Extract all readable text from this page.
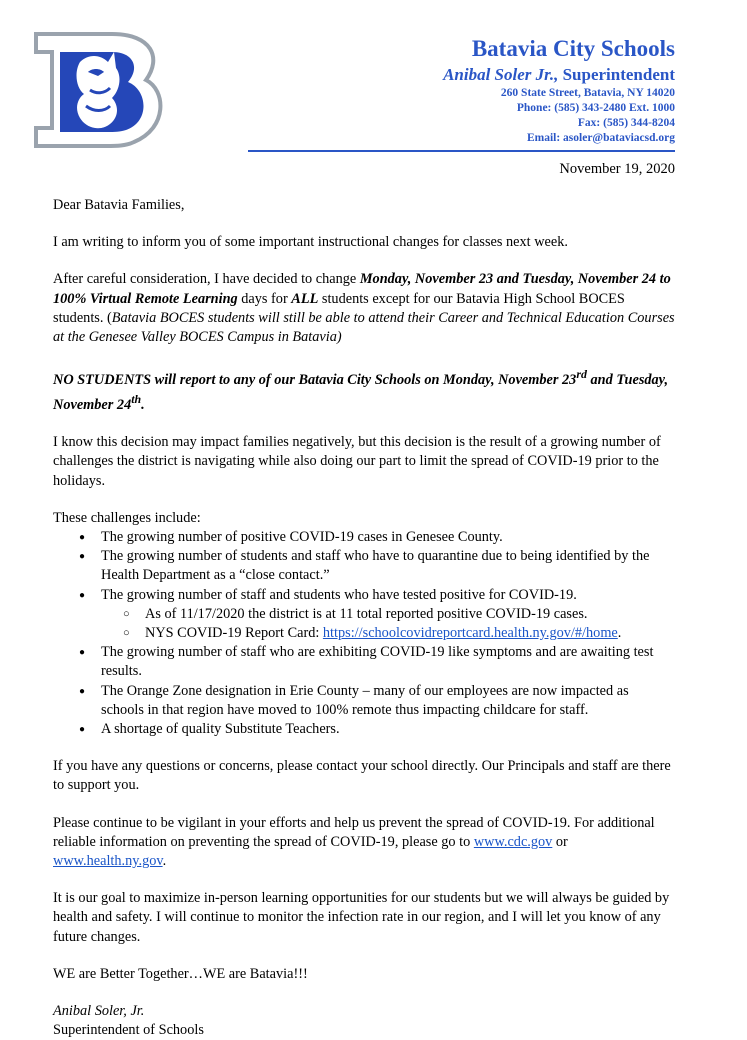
Batavia City Schools
Anibal Soler Jr., Superintendent
260 State Street, Batavia, NY 14020
Phone: (585) 343-2480 Ext. 1000
Fax: (585) 344-8204
Email: asoler@bataviacsd.org
November 19, 2020

Dear Batavia Families,

I am writing to inform you of some important instructional changes for classes next week.

After careful consideration, I have decided to change Monday, November 23 and Tuesday, November 24 to 100% Virtual Remote Learning days for ALL students except for our Batavia High School BOCES students. (Batavia BOCES students will still be able to attend their Career and Technical Education Courses at the Genesee Valley BOCES Campus in Batavia)

NO STUDENTS will report to any of our Batavia City Schools on Monday, November 23rd and Tuesday, November 24th.

I know this decision may impact families negatively, but this decision is the result of a growing number of challenges the district is navigating while also doing our part to limit the spread of COVID-19 prior to the holidays.

These challenges include:
● The growing number of positive COVID-19 cases in Genesee County.
● The growing number of students and staff who have to quarantine due to being identified by the Health Department as a “close contact.”
● The growing number of staff and students who have tested positive for COVID-19.
○ As of 11/17/2020 the district is at 11 total reported positive COVID-19 cases.
○ NYS COVID-19 Report Card: https://schoolcovidreportcard.health.ny.gov/#/home.
● The growing number of staff who are exhibiting COVID-19 like symptoms and are awaiting test results.
● The Orange Zone designation in Erie County – many of our employees are now impacted as schools in that region have moved to 100% remote thus impacting childcare for staff.
● A shortage of quality Substitute Teachers.

If you have any questions or concerns, please contact your school directly. Our Principals and staff are there to support you.

Please continue to be vigilant in your efforts and help us prevent the spread of COVID-19. For additional reliable information on preventing the spread of COVID-19, please go to www.cdc.gov or www.health.ny.gov.

It is our goal to maximize in-person learning opportunities for our students but we will always be guided by health and safety. I will continue to monitor the infection rate in our region, and I will let you know of any future changes.

WE are Better Together…WE are Batavia!!!

Anibal Soler, Jr.
Superintendent of Schools
